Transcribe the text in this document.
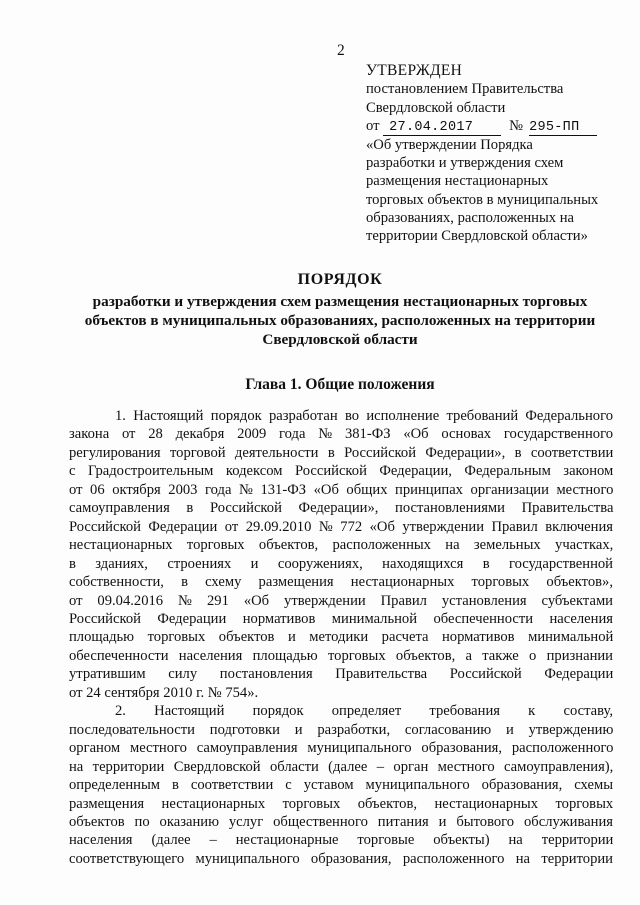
2
УТВЕРЖДЕН
постановлением Правительства
Свердловской области
от 27.04.2017 № 295-ПП
«Об утверждении Порядка
разработки и утверждения схем
размещения нестационарных
торговых объектов в муниципальных
образованиях, расположенных на
территории Свердловской области»
ПОРЯДОК
разработки и утверждения схем размещения нестационарных торговых
объектов в муниципальных образованиях, расположенных на территории
Свердловской области
Глава 1. Общие положения
1. Настоящий порядок разработан во исполнение требований Федерального
закона от 28 декабря 2009 года № 381-ФЗ «Об основах государственного
регулирования торговой деятельности в Российской Федерации», в соответствии
с Градостроительным кодексом Российской Федерации, Федеральным законом
от 06 октября 2003 года № 131-ФЗ «Об общих принципах организации местного
самоуправления в Российской Федерации», постановлениями Правительства
Российской Федерации от 29.09.2010 № 772 «Об утверждении Правил включения
нестационарных торговых объектов, расположенных на земельных участках,
в зданиях, строениях и сооружениях, находящихся в государственной
собственности, в схему размещения нестационарных торговых объектов»,
от 09.04.2016 № 291 «Об утверждении Правил установления субъектами
Российской Федерации нормативов минимальной обеспеченности населения
площадью торговых объектов и методики расчета нормативов минимальной
обеспеченности населения площадью торговых объектов, а также о признании
утратившим силу постановления Правительства Российской Федерации
от 24 сентября 2010 г. № 754».
2. Настоящий порядок определяет требования к составу,
последовательности подготовки и разработки, согласованию и утверждению
органом местного самоуправления муниципального образования, расположенного
на территории Свердловской области (далее – орган местного самоуправления),
определенным в соответствии с уставом муниципального образования, схемы
размещения нестационарных торговых объектов, нестационарных торговых
объектов по оказанию услуг общественного питания и бытового обслуживания
населения (далее – нестационарные торговые объекты) на территории
соответствующего муниципального образования, расположенного на территории
